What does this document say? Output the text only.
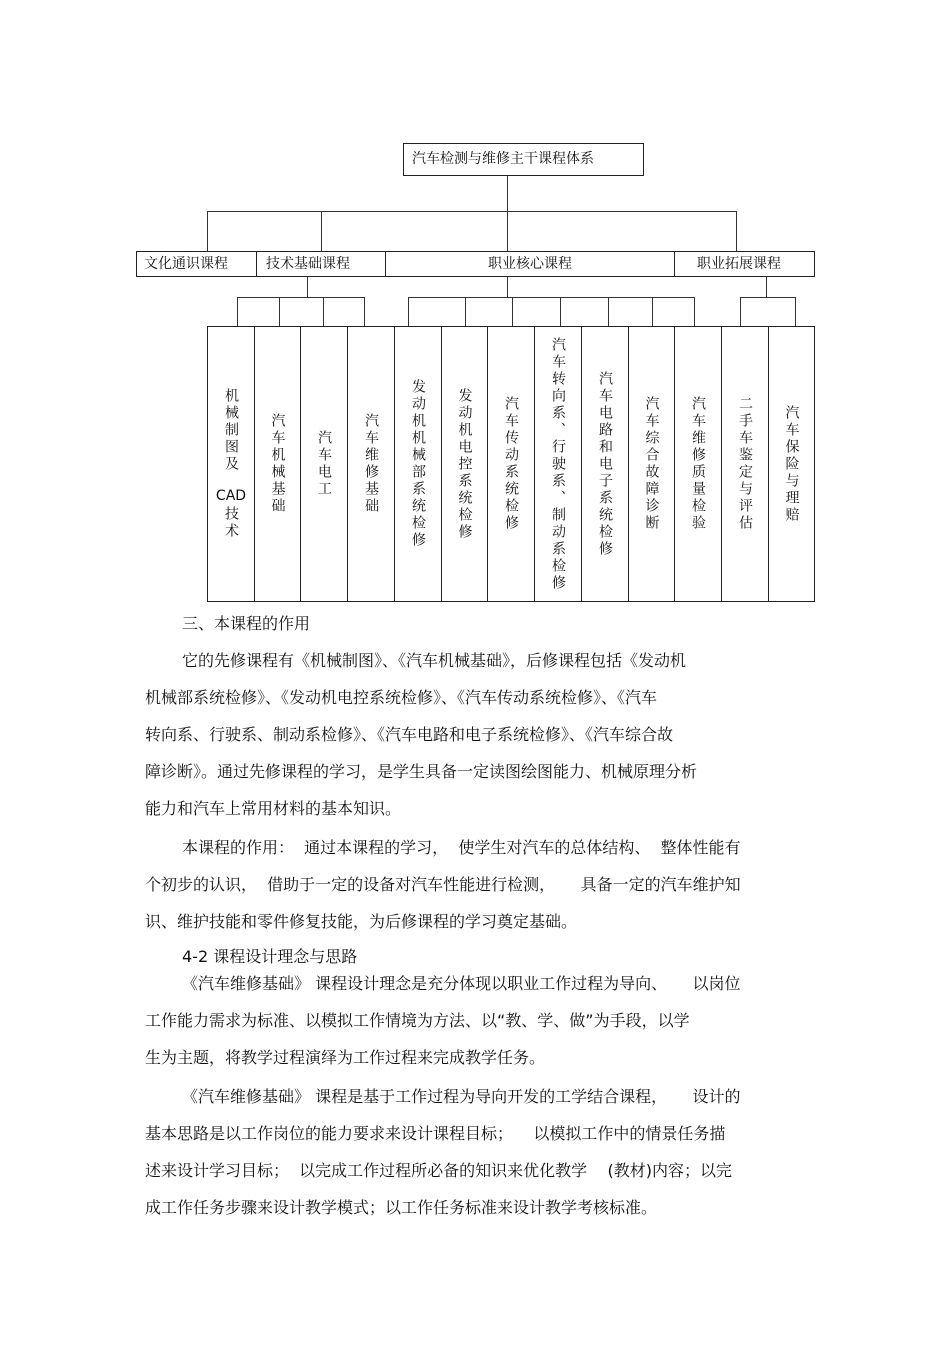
汽车检测与维修主干课程体系
文化通识课程	技术基础课程	职业核心课程	职业拓展课程
机械制图及
CAD
技术
汽车机械基础 汽车电工 汽车维修基础 发动机机械部系统检修 发动机电控系统检修 汽车传动系统检修 汽车转向系、行驶系、制动系检修 汽车电路和电子系统检修 汽车综合故障诊断 汽车维修质量检验 二手车鉴定与评估 汽车保险与理赔
三、本课程的作用

它的先修课程有《机械制图》、《汽车机械基础》，后修课程包括《发动机

机械部系统检修》、《发动机电控系统检修》、《汽车传动系统检修》、《汽车

转向系、行驶系、制动系检修》、《汽车电路和电子系统检修》、《汽车综合故

障诊断》。通过先修课程的学习，是学生具备一定读图绘图能力、机械原理分析

能力和汽车上常用材料的基本知识。

本课程的作用：  通过本课程的学习，  使学生对汽车的总体结构、  整体性能有

个初步的认识，  借助于一定的设备对汽车性能进行检测，     具备一定的汽车维护知

识、维护技能和零件修复技能，为后修课程的学习奠定基础。

4-2 课程设计理念与思路

《汽车维修基础》 课程设计理念是充分体现以职业工作过程为导向、     以岗位

工作能力需求为标准、以模拟工作情境为方法、以“教、学、做”为手段，以学

生为主题，将教学过程演绎为工作过程来完成教学任务。

《汽车维修基础》 课程是基于工作过程为导向开发的工学结合课程，     设计的

基本思路是以工作岗位的能力要求来设计课程目标；    以模拟工作中的情景任务描

述来设计学习目标；  以完成工作过程所必备的知识来优化教学    (教材)内容；以完

成工作任务步骤来设计教学模式；以工作任务标准来设计教学考核标准。
